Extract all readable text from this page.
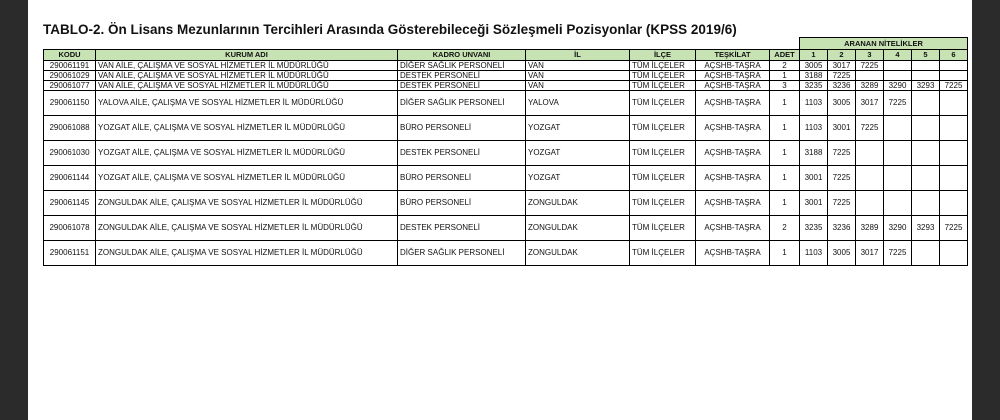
TABLO-2. Ön Lisans Mezunlarının Tercihleri Arasında Gösterebileceği Sözleşmeli Pozisyonlar (KPSS 2019/6)
							ARANAN NİTELİKLER					
KODU	KURUM ADI	KADRO UNVANI	İL	İLÇE	TEŞKİLAT	ADET	1	2	3	4	5	6
290061191	VAN AİLE, ÇALIŞMA VE SOSYAL HİZMETLER İL MÜDÜRLÜĞÜ	DİĞER SAĞLIK PERSONELİ	VAN	TÜM İLÇELER	AÇSHB-TAŞRA	2	3005	3017	7225			
290061029	VAN AİLE, ÇALIŞMA VE SOSYAL HİZMETLER İL MÜDÜRLÜĞÜ	DESTEK PERSONELİ	VAN	TÜM İLÇELER	AÇSHB-TAŞRA	1	3188	7225				
290061077	VAN AİLE, ÇALIŞMA VE SOSYAL HİZMETLER İL MÜDÜRLÜĞÜ	DESTEK PERSONELİ	VAN	TÜM İLÇELER	AÇSHB-TAŞRA	3	3235	3236	3289	3290	3293	7225
290061150	YALOVA AİLE, ÇALIŞMA VE SOSYAL HİZMETLER İL MÜDÜRLÜĞÜ	DİĞER SAĞLIK PERSONELİ	YALOVA	TÜM İLÇELER	AÇSHB-TAŞRA	1	1103	3005	3017	7225		
290061088	YOZGAT AİLE, ÇALIŞMA VE SOSYAL HİZMETLER İL MÜDÜRLÜĞÜ	BÜRO PERSONELİ	YOZGAT	TÜM İLÇELER	AÇSHB-TAŞRA	1	1103	3001	7225			
290061030	YOZGAT AİLE, ÇALIŞMA VE SOSYAL HİZMETLER İL MÜDÜRLÜĞÜ	DESTEK PERSONELİ	YOZGAT	TÜM İLÇELER	AÇSHB-TAŞRA	1	3188	7225				
290061144	YOZGAT AİLE, ÇALIŞMA VE SOSYAL HİZMETLER İL MÜDÜRLÜĞÜ	BÜRO PERSONELİ	YOZGAT	TÜM İLÇELER	AÇSHB-TAŞRA	1	3001	7225				
290061145	ZONGULDAK AİLE, ÇALIŞMA VE SOSYAL HİZMETLER İL MÜDÜRLÜĞÜ	BÜRO PERSONELİ	ZONGULDAK	TÜM İLÇELER	AÇSHB-TAŞRA	1	3001	7225				
290061078	ZONGULDAK AİLE, ÇALIŞMA VE SOSYAL HİZMETLER İL MÜDÜRLÜĞÜ	DESTEK PERSONELİ	ZONGULDAK	TÜM İLÇELER	AÇSHB-TAŞRA	2	3235	3236	3289	3290	3293	7225
290061151	ZONGULDAK AİLE, ÇALIŞMA VE SOSYAL HİZMETLER İL MÜDÜRLÜĞÜ	DİĞER SAĞLIK PERSONELİ	ZONGULDAK	TÜM İLÇELER	AÇSHB-TAŞRA	1	1103	3005	3017	7225		
